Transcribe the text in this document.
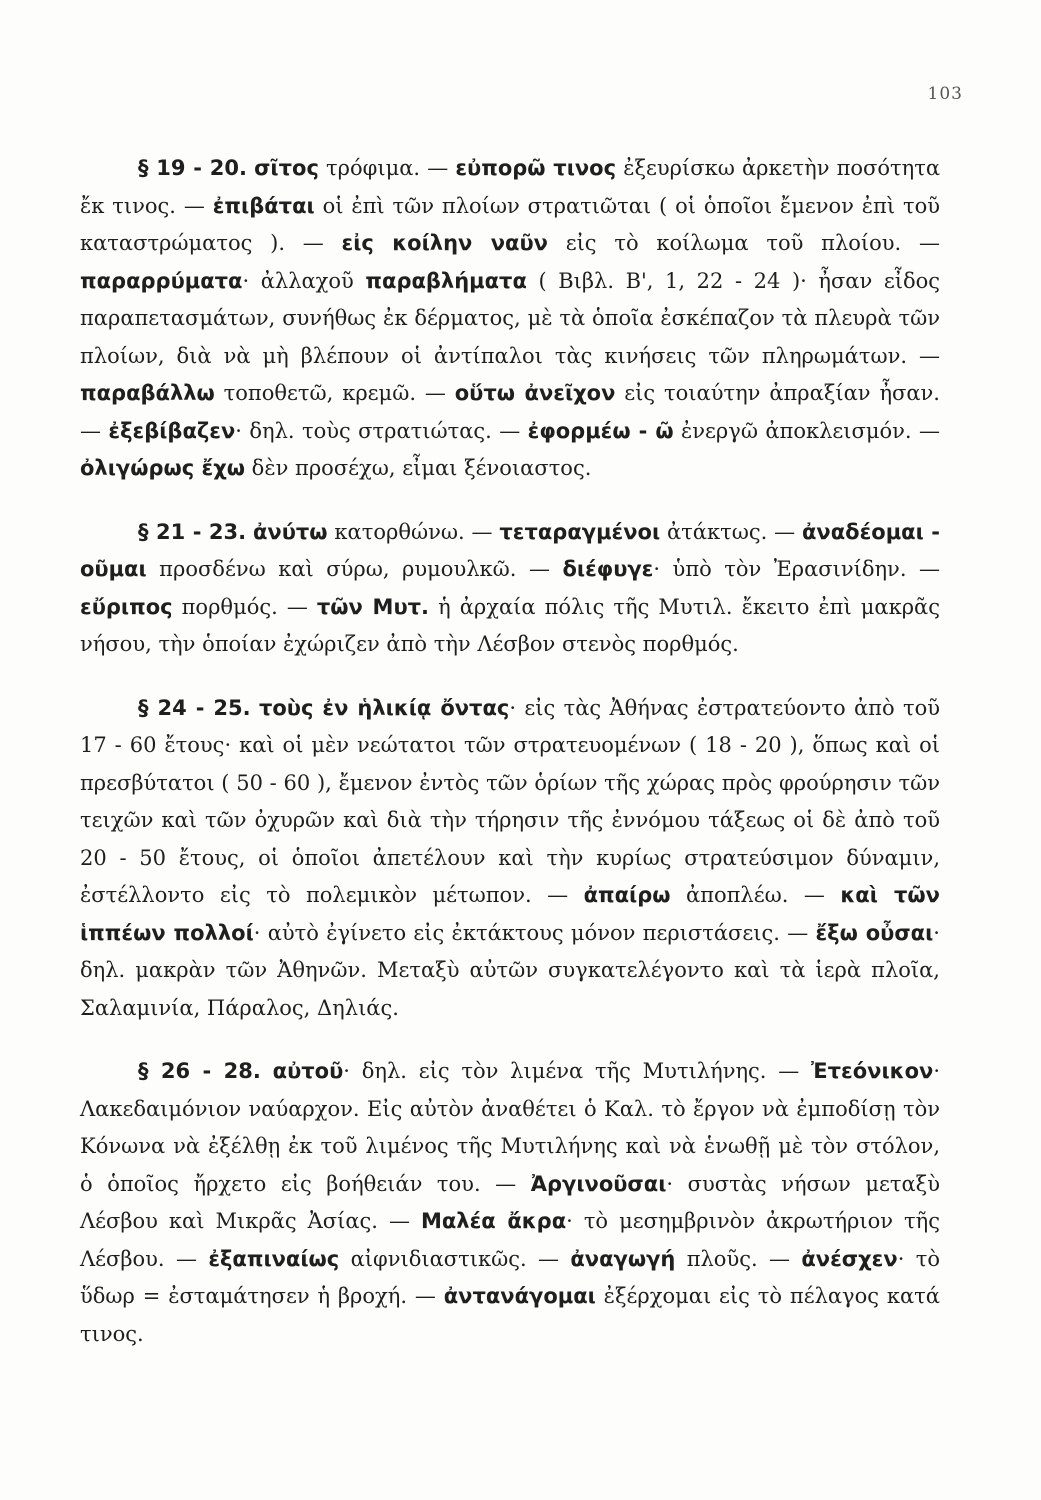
103

§ 19 - 20. σῖτος τρόφιμα. — εὐπορῶ τινος ἐξευρίσκω ἀρκετὴν ποσότητα ἔκ τινος. — ἐπιβάται οἱ ἐπὶ τῶν πλοίων στρατιῶται ( οἱ ὁποῖοι ἔμενον ἐπὶ τοῦ καταστρώματος ). — εἰς κοίλην ναῦν εἰς τὸ κοίλωμα τοῦ πλοίου. — παραρρύματα· ἀλλαχοῦ παραβλήματα ( Βιβλ. Β', 1, 22 - 24 )· ἦσαν εἶδος παραπετασμάτων, συνήθως ἐκ δέρματος, μὲ τὰ ὁποῖα ἐσκέπαζον τὰ πλευρὰ τῶν πλοίων, διὰ νὰ μὴ βλέπουν οἱ ἀντίπαλοι τὰς κινήσεις τῶν πληρωμάτων. — παραβάλλω τοποθετῶ, κρεμῶ. — οὕτω ἀνεῖχον εἰς τοιαύτην ἀπραξίαν ἦσαν. — ἐξεβίβαζεν· δηλ. τοὺς στρατιώτας. — ἐφορμέω - ῶ ἐνεργῶ ἀποκλεισμόν. — ὀλιγώρως ἔχω δὲν προσέχω, εἶμαι ξένοιαστος.

§ 21 - 23. ἀνύτω κατορθώνω. — τεταραγμένοι ἀτάκτως. — ἀναδέομαι - οῦμαι προσδένω καὶ σύρω, ρυμουλκῶ. — διέφυγε· ὑπὸ τὸν Ἐρασινίδην. — εὔριπος πορθμός. — τῶν Μυτ. ἡ ἀρχαία πόλις τῆς Μυτιλ. ἔκειτο ἐπὶ μακρᾶς νήσου, τὴν ὁποίαν ἐχώριζεν ἀπὸ τὴν Λέσβον στενὸς πορθμός.

§ 24 - 25. τοὺς ἐν ἡλικίᾳ ὄντας· εἰς τὰς Ἀθήνας ἐστρατεύοντο ἀπὸ τοῦ 17 - 60 ἔτους· καὶ οἱ μὲν νεώτατοι τῶν στρατευομένων ( 18 - 20 ), ὅπως καὶ οἱ πρεσβύτατοι ( 50 - 60 ), ἔμενον ἐντὸς τῶν ὁρίων τῆς χώρας πρὸς φρούρησιν τῶν τειχῶν καὶ τῶν ὀχυρῶν καὶ διὰ τὴν τήρησιν τῆς ἐννόμου τάξεως οἱ δὲ ἀπὸ τοῦ 20 - 50 ἔτους, οἱ ὁποῖοι ἀπετέλουν καὶ τὴν κυρίως στρατεύσιμον δύναμιν, ἐστέλλοντο εἰς τὸ πολεμικὸν μέτωπον. — ἀπαίρω ἀποπλέω. — καὶ τῶν ἱππέων πολλοί· αὐτὸ ἐγίνετο εἰς ἐκτάκτους μόνον περιστάσεις. — ἔξω οὖσαι· δηλ. μακρὰν τῶν Ἀθηνῶν. Μεταξὺ αὐτῶν συγκατελέγοντο καὶ τὰ ἱερὰ πλοῖα, Σαλαμινία, Πάραλος, Δηλιάς.

§ 26 - 28. αὐτοῦ· δηλ. εἰς τὸν λιμένα τῆς Μυτιλήνης. — Ἐτεόνικον· Λακεδαιμόνιον ναύαρχον. Εἰς αὐτὸν ἀναθέτει ὁ Καλ. τὸ ἔργον νὰ ἐμποδίσῃ τὸν Κόνωνα νὰ ἐξέλθῃ ἐκ τοῦ λιμένος τῆς Μυτιλήνης καὶ νὰ ἑνωθῇ μὲ τὸν στόλον, ὁ ὁποῖος ἤρχετο εἰς βοήθειάν του. — Ἀργινοῦσαι· συστὰς νήσων μεταξὺ Λέσβου καὶ Μικρᾶς Ἀσίας. — Μαλέα ἄκρα· τὸ μεσημβρινὸν ἀκρωτήριον τῆς Λέσβου. — ἐξαπιναίως αἰφνιδιαστικῶς. — ἀναγωγή πλοῦς. — ἀνέσχεν· τὸ ὕδωρ = ἐσταμάτησεν ἡ βροχή. — ἀντανάγομαι ἐξέρχομαι εἰς τὸ πέλαγος κατά τινος.
